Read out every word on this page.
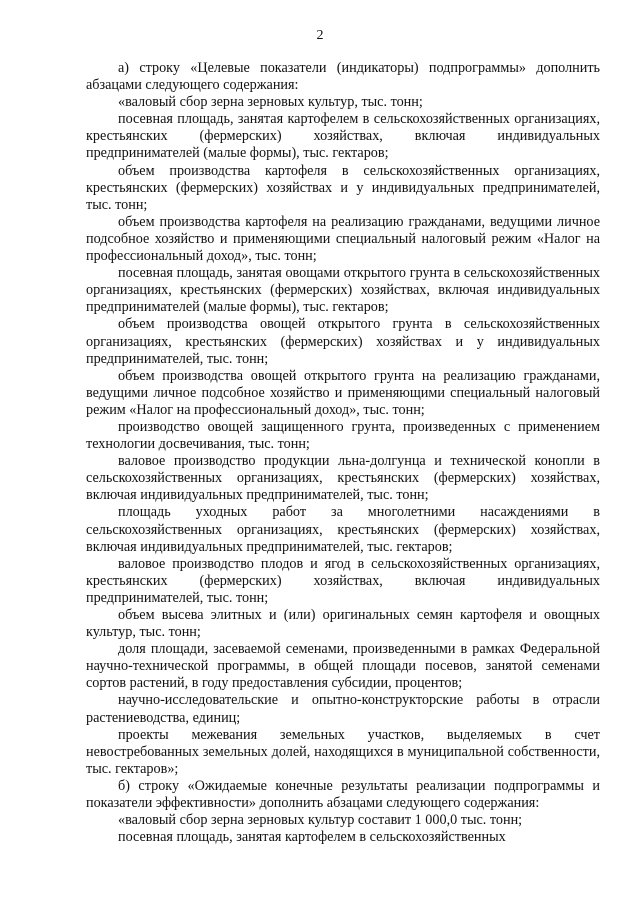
2

а) строку «Целевые показатели (индикаторы) подпрограммы» дополнить абзацами следующего содержания:

«валовый сбор зерна зерновых культур, тыс. тонн;

посевная площадь, занятая картофелем в сельскохозяйственных организациях, крестьянских (фермерских) хозяйствах, включая индивидуальных предпринимателей (малые формы), тыс. гектаров;

объем производства картофеля в сельскохозяйственных организациях, крестьянских (фермерских) хозяйствах и у индивидуальных предпринимателей, тыс. тонн;

объем производства картофеля на реализацию гражданами, ведущими личное подсобное хозяйство и применяющими специальный налоговый режим «Налог на профессиональный доход», тыс. тонн;

посевная площадь, занятая овощами открытого грунта в сельскохозяйственных организациях, крестьянских (фермерских) хозяйствах, включая индивидуальных предпринимателей (малые формы), тыс. гектаров;

объем производства овощей открытого грунта в сельскохозяйственных организациях, крестьянских (фермерских) хозяйствах и у индивидуальных предпринимателей, тыс. тонн;

объем производства овощей открытого грунта на реализацию гражданами, ведущими личное подсобное хозяйство и применяющими специальный налоговый режим «Налог на профессиональный доход», тыс. тонн;

производство овощей защищенного грунта, произведенных с применением технологии досвечивания, тыс. тонн;

валовое производство продукции льна-долгунца и технической конопли в сельскохозяйственных организациях, крестьянских (фермерских) хозяйствах, включая индивидуальных предпринимателей, тыс. тонн;

площадь уходных работ за многолетними насаждениями в сельскохозяйственных организациях, крестьянских (фермерских) хозяйствах, включая индивидуальных предпринимателей, тыс. гектаров;

валовое производство плодов и ягод в сельскохозяйственных организациях, крестьянских (фермерских) хозяйствах, включая индивидуальных предпринимателей, тыс. тонн;

объем высева элитных и (или) оригинальных семян картофеля и овощных культур, тыс. тонн;

доля площади, засеваемой семенами, произведенными в рамках Федеральной научно-технической программы, в общей площади посевов, занятой семенами сортов растений, в году предоставления субсидии, процентов;

научно-исследовательские и опытно-конструкторские работы в отрасли растениеводства, единиц;

проекты межевания земельных участков, выделяемых в счет невостребованных земельных долей, находящихся в муниципальной собственности, тыс. гектаров»;

б) строку «Ожидаемые конечные результаты реализации подпрограммы и показатели эффективности» дополнить абзацами следующего содержания:

«валовый сбор зерна зерновых культур составит 1 000,0 тыс. тонн;

посевная площадь, занятая картофелем в сельскохозяйственных
